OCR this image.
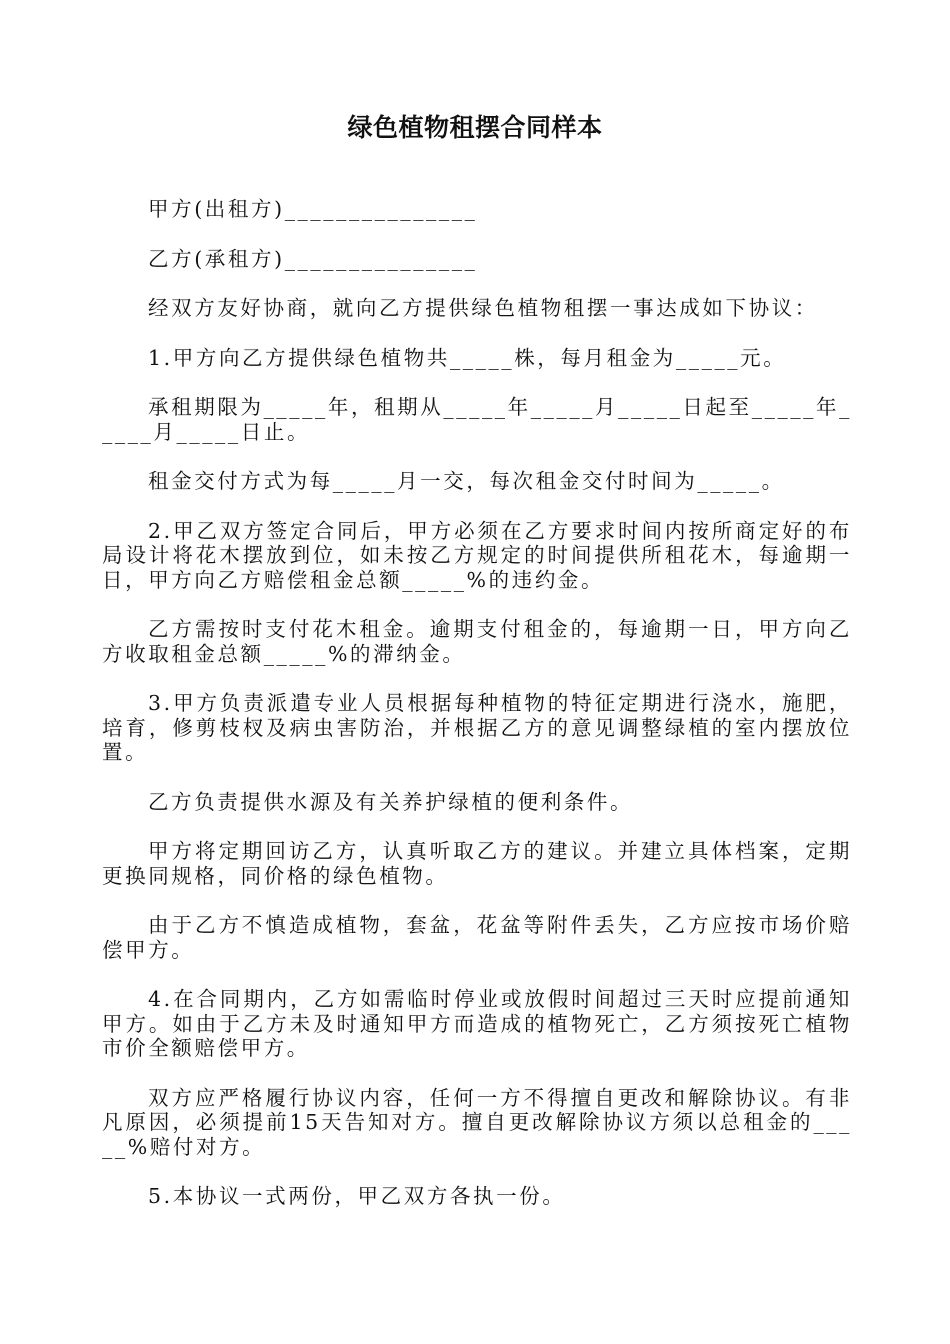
绿色植物租摆合同样本

甲方(出租方)_______________

乙方(承租方)_______________

经双方友好协商，就向乙方提供绿色植物租摆一事达成如下协议：

1.甲方向乙方提供绿色植物共_____株，每月租金为_____元。

承租期限为_____年，租期从_____年_____月_____日起至_____年_____月_____日止。

租金交付方式为每_____月一交，每次租金交付时间为_____。

2.甲乙双方签定合同后，甲方必须在乙方要求时间内按所商定好的布局设计将花木摆放到位，如未按乙方规定的时间提供所租花木，每逾期一日，甲方向乙方赔偿租金总额_____%的违约金。

乙方需按时支付花木租金。逾期支付租金的，每逾期一日，甲方向乙方收取租金总额_____%的滞纳金。

3.甲方负责派遣专业人员根据每种植物的特征定期进行浇水，施肥，培育，修剪枝杈及病虫害防治，并根据乙方的意见调整绿植的室内摆放位置。

乙方负责提供水源及有关养护绿植的便利条件。

甲方将定期回访乙方，认真听取乙方的建议。并建立具体档案，定期更换同规格，同价格的绿色植物。

由于乙方不慎造成植物，套盆，花盆等附件丢失，乙方应按市场价赔偿甲方。

4.在合同期内，乙方如需临时停业或放假时间超过三天时应提前通知甲方。如由于乙方未及时通知甲方而造成的植物死亡，乙方须按死亡植物市价全额赔偿甲方。

双方应严格履行协议内容，任何一方不得擅自更改和解除协议。有非凡原因，必须提前15天告知对方。擅自更改解除协议方须以总租金的_____%赔付对方。

5.本协议一式两份，甲乙双方各执一份。
